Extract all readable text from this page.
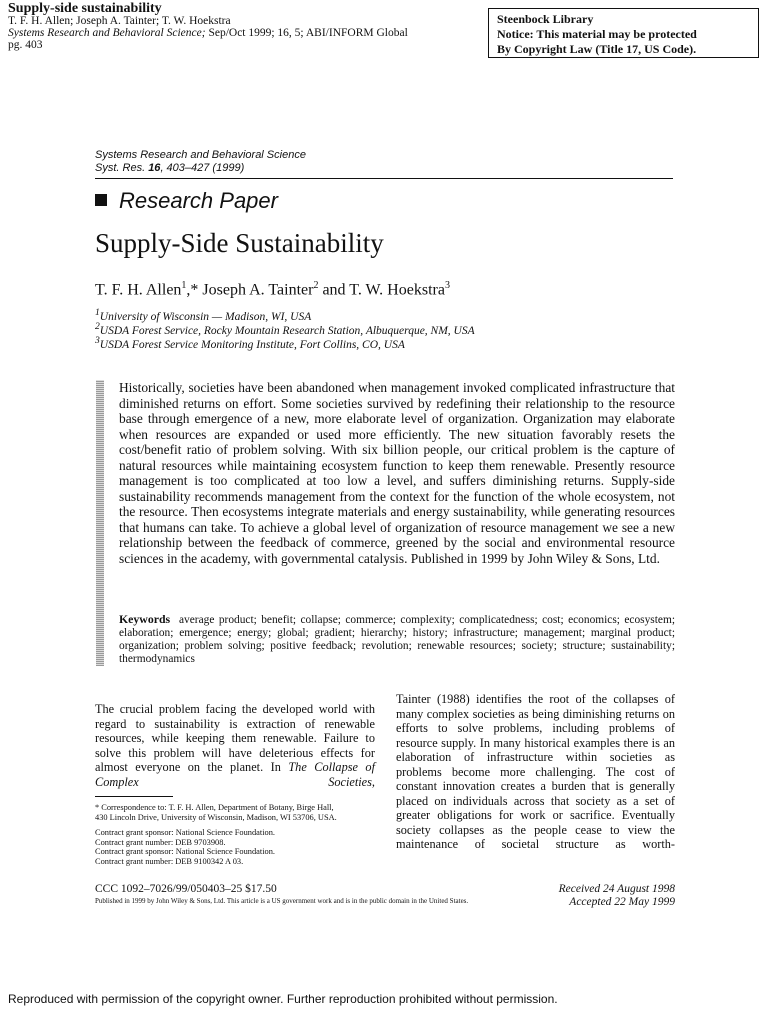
Supply-side sustainability
T. F. H. Allen; Joseph A. Tainter; T. W. Hoekstra
Systems Research and Behavioral Science; Sep/Oct 1999; 16, 5; ABI/INFORM Global
pg. 403
Steenbock Library
Notice: This material may be protected
By Copyright Law (Title 17, US Code).
Systems Research and Behavioral Science
Syst. Res. 16, 403–427 (1999)
Research Paper
Supply-Side Sustainability
T. F. H. Allen$^1$,* Joseph A. Tainter$^2$ and T. W. Hoekstra$^3$
$^1$University of Wisconsin — Madison, WI, USA
$^2$USDA Forest Service, Rocky Mountain Research Station, Albuquerque, NM, USA
$^3$USDA Forest Service Monitoring Institute, Fort Collins, CO, USA

Historically, societies have been abandoned when management invoked complicated infrastructure that diminished returns on effort. Some societies survived by redefining their relationship to the resource base through emergence of a new, more elaborate level of organization. Organization may elaborate when resources are expanded or used more efficiently. The new situation favorably resets the cost/benefit ratio of problem solving. With six billion people, our critical problem is the capture of natural resources while maintaining ecosystem function to keep them renewable. Presently resource management is too complicated at too low a level, and suffers diminishing returns. Supply-side sustainability recommends management from the context for the function of the whole ecosystem, not the resource. Then ecosystems integrate materials and energy sustainability, while generating resources that humans can take. To achieve a global level of organization of resource management we see a new relationship between the feedback of commerce, greened by the social and environmental resource sciences in the academy, with governmental catalysis. Published in 1999 by John Wiley & Sons, Ltd.

Keywords average product; benefit; collapse; commerce; complexity; complicatedness; cost; economics; ecosystem; elaboration; emergence; energy; global; gradient; hierarchy; history; infrastructure; management; marginal product; organization; problem solving; positive feedback; revolution; renewable resources; society; structure; sustainability; thermodynamics

The crucial problem facing the developed world with regard to sustainability is extraction of renewable resources, while keeping them renewable. Failure to solve this problem will have deleterious effects for almost everyone on the planet. In The Collapse of Complex Societies,

* Correspondence to: T. F. H. Allen, Department of Botany, Birge Hall,
430 Lincoln Drive, University of Wisconsin, Madison, WI 53706, USA.

Contract grant sponsor: National Science Foundation.
Contract grant number: DEB 9703908.
Contract grant sponsor: National Science Foundation.
Contract grant number: DEB 9100342 A 03.

Tainter (1988) identifies the root of the collapses of many complex societies as being diminishing returns on efforts to solve problems, including problems of resource supply. In many historical examples there is an elaboration of infrastructure within societies as problems become more challenging. The cost of constant innovation creates a burden that is generally placed on individuals across that society as a set of greater obligations for work or sacrifice. Eventually society collapses as the people cease to view the maintenance of societal structure as worth-

CCC 1092–7026/99/050403–25 $17.50
Published in 1999 by John Wiley & Sons, Ltd. This article is a US government work and is in the public domain in the United States.
Received 24 August 1998
Accepted 22 May 1999
Reproduced with permission of the copyright owner. Further reproduction prohibited without permission.
